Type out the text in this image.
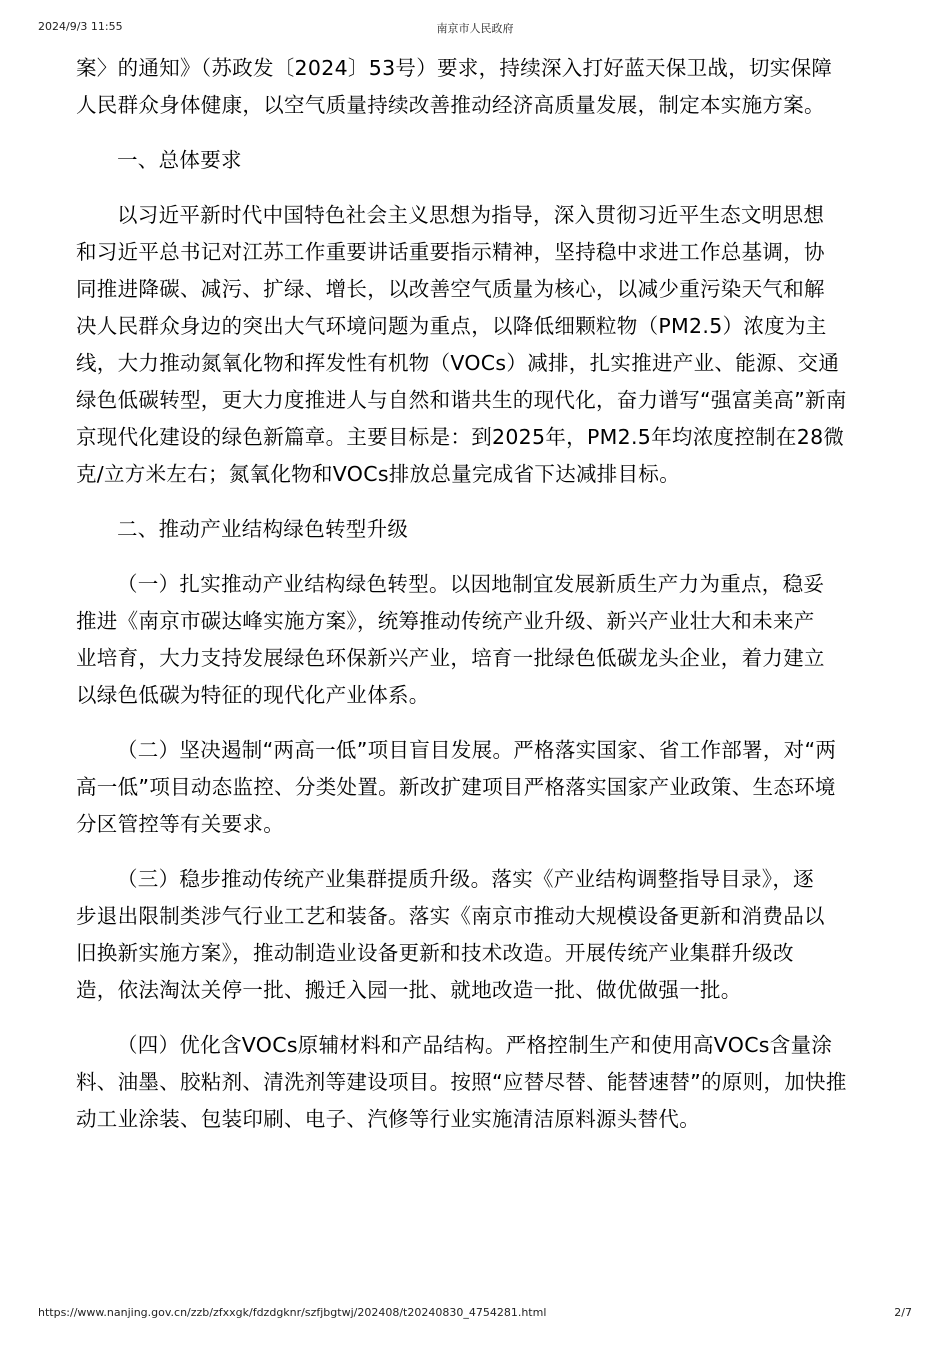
2024/9/3 11:55	南京市人民政府

案〉的通知》（苏政发〔2024〕53号）要求，持续深入打好蓝天保卫战，切实保障
人民群众身体健康，以空气质量持续改善推动经济高质量发展，制定本实施方案。

一、总体要求

以习近平新时代中国特色社会主义思想为指导，深入贯彻习近平生态文明思想
和习近平总书记对江苏工作重要讲话重要指示精神，坚持稳中求进工作总基调，协
同推进降碳、减污、扩绿、增长，以改善空气质量为核心，以减少重污染天气和解
决人民群众身边的突出大气环境问题为重点，以降低细颗粒物（PM2.5）浓度为主
线，大力推动氮氧化物和挥发性有机物（VOCs）减排，扎实推进产业、能源、交通
绿色低碳转型，更大力度推进人与自然和谐共生的现代化，奋力谱写“强富美高”新南
京现代化建设的绿色新篇章。主要目标是：到2025年，PM2.5年均浓度控制在28微
克/立方米左右；氮氧化物和VOCs排放总量完成省下达减排目标。

二、推动产业结构绿色转型升级

（一）扎实推动产业结构绿色转型。以因地制宜发展新质生产力为重点，稳妥
推进《南京市碳达峰实施方案》，统筹推动传统产业升级、新兴产业壮大和未来产
业培育，大力支持发展绿色环保新兴产业，培育一批绿色低碳龙头企业，着力建立
以绿色低碳为特征的现代化产业体系。

（二）坚决遏制“两高一低”项目盲目发展。严格落实国家、省工作部署，对“两
高一低”项目动态监控、分类处置。新改扩建项目严格落实国家产业政策、生态环境
分区管控等有关要求。

（三）稳步推动传统产业集群提质升级。落实《产业结构调整指导目录》，逐
步退出限制类涉气行业工艺和装备。落实《南京市推动大规模设备更新和消费品以
旧换新实施方案》，推动制造业设备更新和技术改造。开展传统产业集群升级改
造，依法淘汰关停一批、搬迁入园一批、就地改造一批、做优做强一批。

（四）优化含VOCs原辅材料和产品结构。严格控制生产和使用高VOCs含量涂
料、油墨、胶粘剂、清洗剂等建设项目。按照“应替尽替、能替速替”的原则，加快推
动工业涂装、包装印刷、电子、汽修等行业实施清洁原料源头替代。

https://www.nanjing.gov.cn/zzb/zfxxgk/fdzdgknr/szfjbgtwj/202408/t20240830_4754281.html	2/7
